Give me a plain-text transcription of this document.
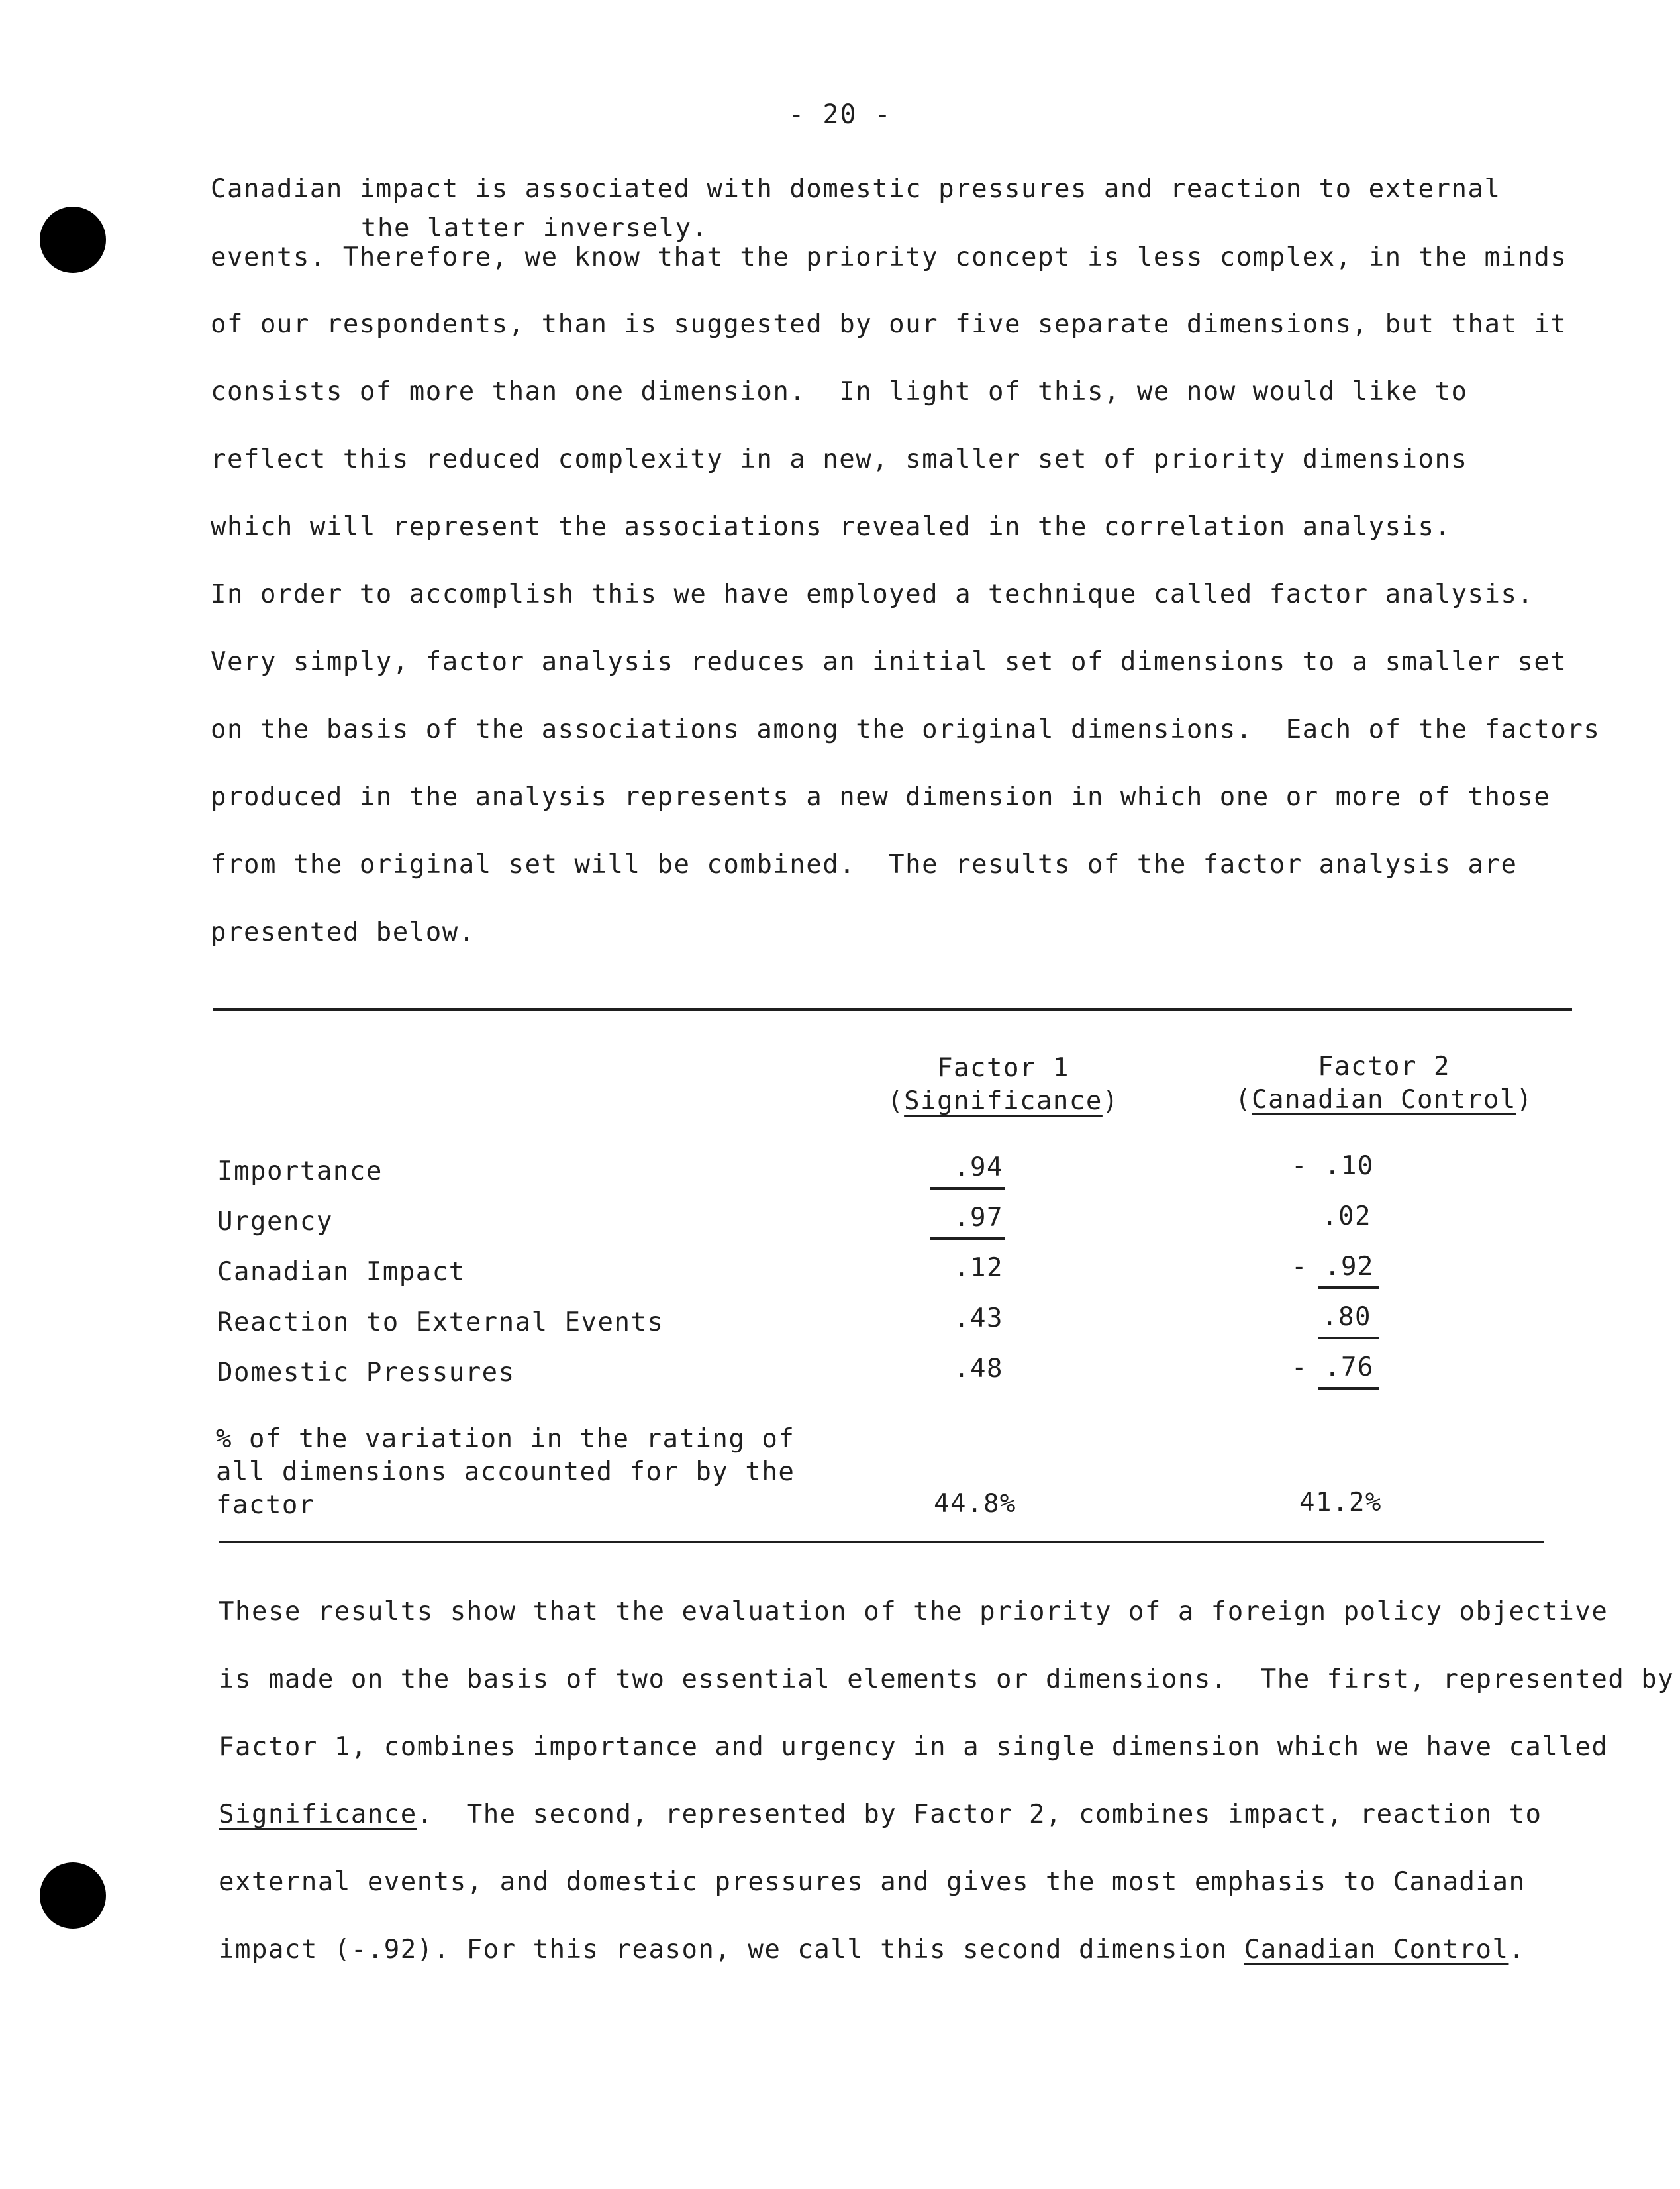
- 20 -
Canadian impact is associated with domestic pressures and reaction to external
the latter inversely.
events. Therefore, we know that the priority concept is less complex, in the minds
of our respondents, than is suggested by our five separate dimensions, but that it
consists of more than one dimension.  In light of this, we now would like to
reflect this reduced complexity in a new, smaller set of priority dimensions
which will represent the associations revealed in the correlation analysis.
In order to accomplish this we have employed a technique called factor analysis.
Very simply, factor analysis reduces an initial set of dimensions to a smaller set
on the basis of the associations among the original dimensions.  Each of the factors
produced in the analysis represents a new dimension in which one or more of those
from the original set will be combined.  The results of the factor analysis are
presented below.
Factor 1
(Significance)
Factor 2
(Canadian Control)
Importance	.94	- .10
Urgency	.97	.02
Canadian Impact	.12	- .92
Reaction to External Events	.43	.80
Domestic Pressures	.48	- .76
% of the variation in the rating of
all dimensions accounted for by the
factor	44.8%	41.2%
These results show that the evaluation of the priority of a foreign policy objective
is made on the basis of two essential elements or dimensions.  The first, represented by
Factor 1, combines importance and urgency in a single dimension which we have called
Significance. The second, represented by Factor 2, combines impact, reaction to
external events, and domestic pressures and gives the most emphasis to Canadian
impact (-.92). For this reason, we call this second dimension Canadian Control.
